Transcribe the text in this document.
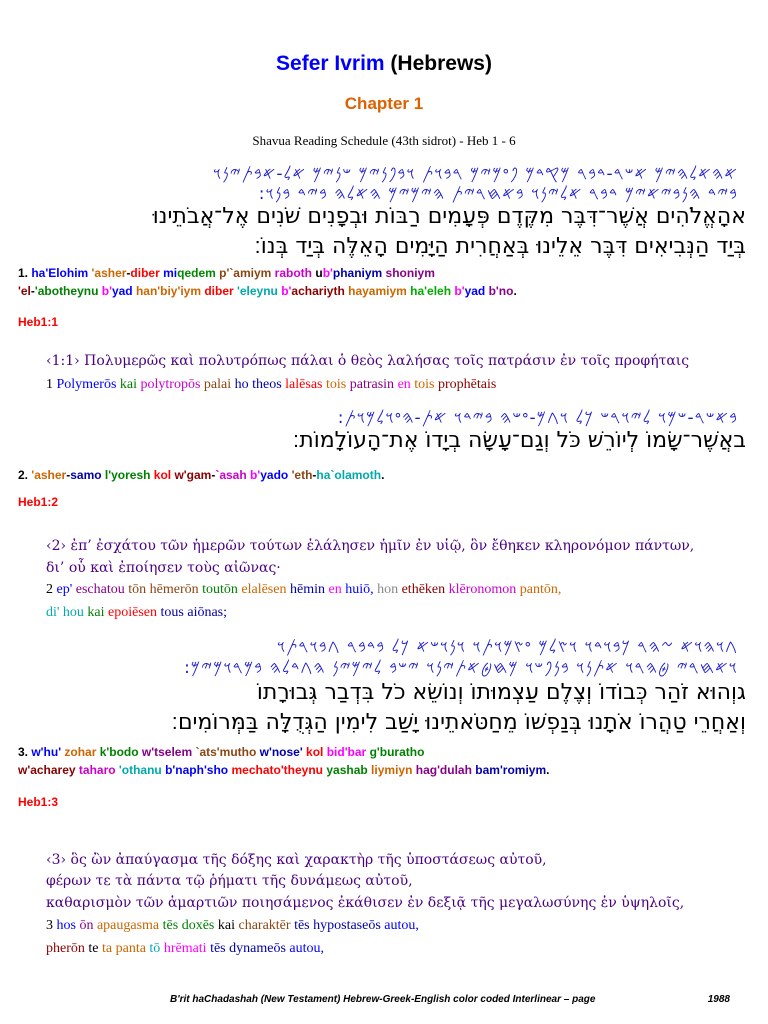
Sefer Ivrim (Hebrews)
Chapter 1
Shavua Reading Schedule (43th sidrot) - Heb 1 - 6
𐤀𐤄𐤀𐤋𐤄𐤉𐤌 𐤀𐤔𐤓-𐤃𐤁𐤓 𐤌𐤒𐤃𐤌 𐤐𐤏𐤌𐤉𐤌 𐤓𐤁𐤅𐤕 𐤅𐤁𐤐𐤍𐤉𐤌 𐤔𐤍𐤉𐤌 𐤀𐤋-𐤀𐤁𐤕𐤉𐤍𐤅
𐤁𐤉𐤃 𐤄𐤍𐤁𐤉𐤀𐤉𐤌 𐤃𐤁𐤓 𐤀𐤋𐤉𐤍𐤅 𐤁𐤀𐤇𐤓𐤉𐤕 𐤄𐤉𐤌𐤉𐤌 𐤄𐤀𐤋𐤄 𐤁𐤉𐤃 𐤁𐤍𐤅:
אהָאֱלֹהִים אֲשֶׁר־דִּבֶּר מִקֶּדֶם פְּעָמִים רַבּוֹת וּבְפָנִים שֹׁנִים אֶל־אֲבֹתֵינוּ
בְּיַד הַנְּבִיאִים דִּבֶּר אֵלֵינוּ בְּאַחֲרִית הַיָּמִים הָאֵלֶּה בְּיַד בְּנוֹ׃
1. ha'Elohim 'asher-diber miqedem p'`amiym raboth ub'phaniym shoniym
'el-'abotheynu b'yad han'biy'iym diber 'eleynu b'achariyth hayamiym ha'eleh b'yad b'no.
Heb1:1
‹1:1› Πολυμερῶς καὶ πολυτρόπως πάλαι ὁ θεὸς λαλήσας τοῖς πατράσιν ἐν τοῖς προφήταις
1 Polymerōs kai polytropōs palai ho theos lalēsas tois patrasin en tois prophētais
𐤁𐤀𐤔𐤓-𐤔𐤌𐤅 𐤋𐤉𐤅𐤓𐤔 𐤊𐤋 𐤅𐤂𐤌-𐤏𐤔𐤄 𐤁𐤉𐤃𐤅 𐤀𐤕-𐤄𐤏𐤅𐤋𐤌𐤅𐤕:
באֲשֶׁר־שָׂמוֹ לְיוֹרֵשׁ כֹּל וְגַם־עָשָׂה בְיָדוֹ אֶת־הָעוֹלָמוֹת׃
2. 'asher-samo l'yoresh kol w'gam-`asah b'yado 'eth-ha`olamoth.
Heb1:2
‹2› ἐπ’ ἐσχάτου τῶν ἡμερῶν τούτων ἐλάλησεν ἡμῖν ἐν υἱῷ, ὃν ἔθηκεν κληρονόμον πάντων,
δι’ οὗ καὶ ἐποίησεν τοὺς αἰῶνας·
2 ep' eschatou tōn hēmerōn toutōn elalēsen hēmin en huiō, hon ethēken klēronomon pantōn,
di' hou kai epoiēsen tous aiōnas;
𐤂𐤅𐤄𐤅𐤀 𐤆𐤄𐤓 𐤊𐤁𐤅𐤃𐤅 𐤅𐤑𐤋𐤌 𐤏𐤑𐤌𐤅𐤕𐤅 𐤅𐤍𐤅𐤔𐤀 𐤊𐤋 𐤁𐤃𐤁𐤓 𐤂𐤁𐤅𐤓𐤕𐤅
𐤅𐤀𐤇𐤓𐤉 𐤈𐤄𐤓𐤅 𐤀𐤕𐤍𐤅 𐤁𐤍𐤐𐤔𐤅 𐤌𐤇𐤈𐤀𐤕𐤉𐤍𐤅 𐤉𐤔𐤁 𐤋𐤉𐤌𐤉𐤍 𐤄𐤂𐤃𐤋𐤄 𐤁𐤌𐤓𐤅𐤌𐤉𐤌:
גוְהוּא זֹהַר כְּבוֹדוֹ וְצֶלֶם עַצְמוּתוֹ וְנוֹשֵׂא כֹל בִּדְבַר גְּבוּרָתוֹ
וְאַחֲרֵי טַהֲרוֹ אֹתָנוּ בְּנַפְשׁוֹ מֵחַטֹּאתֵינוּ יָשַׁב לִימִין הַגְּדֻלָּה בַּמְּרוֹמִים׃
3. w'hu' zohar k'bodo w'tselem `ats'mutho w'nose' kol bid'bar g'buratho
w'acharey taharo 'othanu b'naph'sho mechato'theynu yashab liymiyn hag'dulah bam'romiym.
Heb1:3
‹3› ὃς ὢν ἀπαύγασμα τῆς δόξης καὶ χαρακτὴρ τῆς ὑποστάσεως αὐτοῦ,
φέρων τε τὰ πάντα τῷ ῥήματι τῆς δυνάμεως αὐτοῦ,
καθαρισμὸν τῶν ἁμαρτιῶν ποιησάμενος ἐκάθισεν ἐν δεξιᾷ τῆς μεγαλωσύνης ἐν ὑψηλοῖς,
3 hos ōn apaugasma tēs doxēs kai charaktēr tēs hypostaseōs autou,
pherōn te ta panta tō hrēmati tēs dynameōs autou,
B'rit haChadashah (New Testament) Hebrew-Greek-English color coded Interlinear – page	1988
